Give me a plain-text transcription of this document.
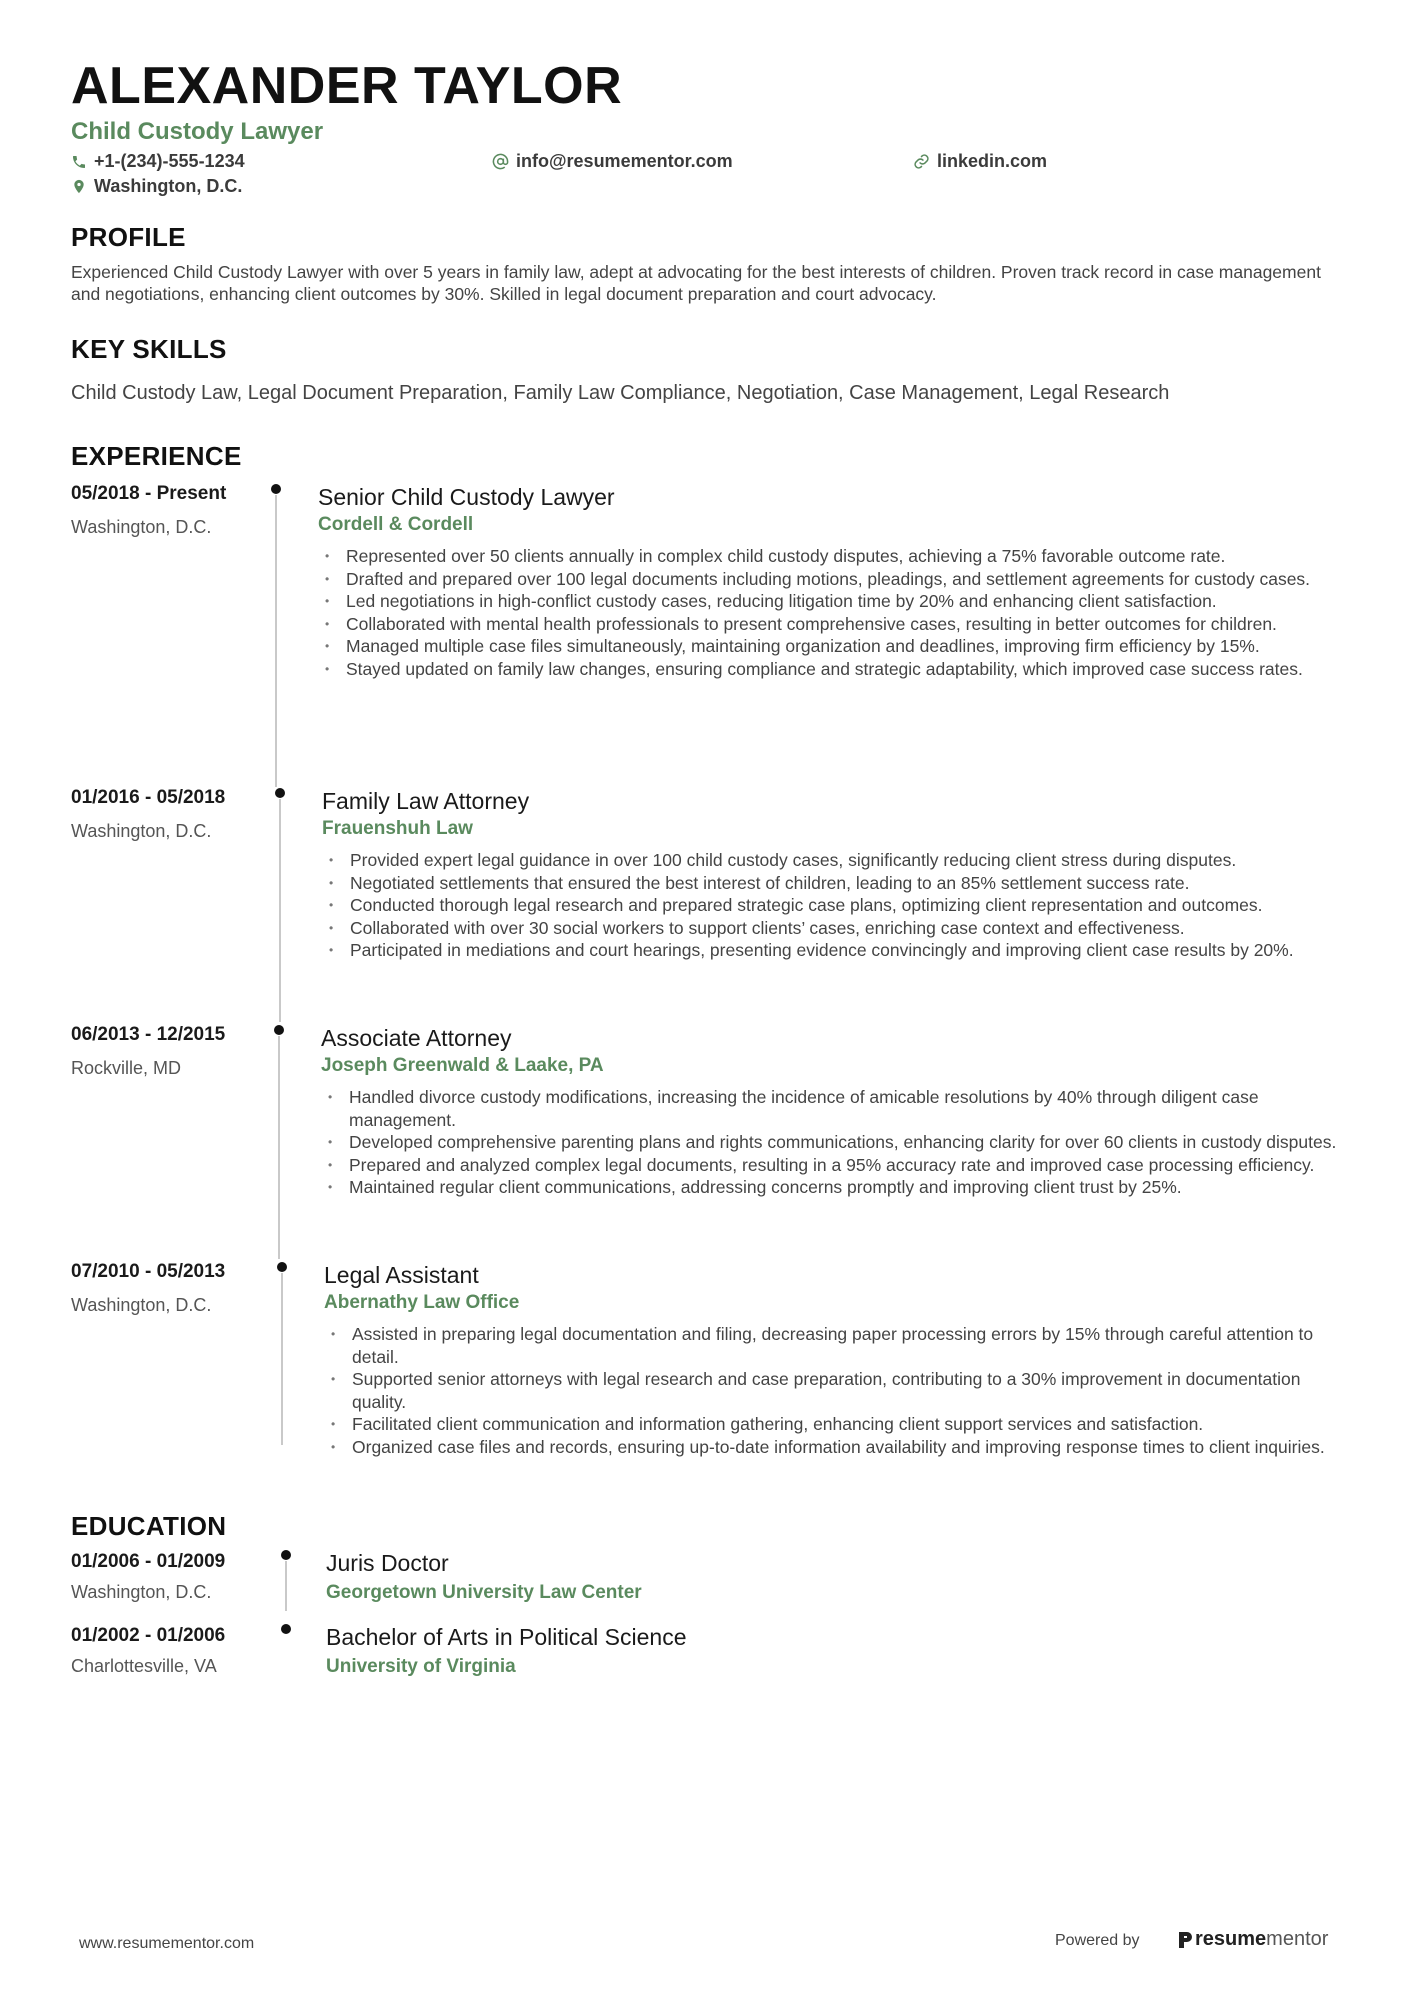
ALEXANDER TAYLOR
Child Custody Lawyer
+1-(234)-555-1234	info@resumementor.com	linkedin.com
Washington, D.C.
PROFILE
Experienced Child Custody Lawyer with over 5 years in family law, adept at advocating for the best interests of children. Proven track record in case management and negotiations, enhancing client outcomes by 30%. Skilled in legal document preparation and court advocacy.
KEY SKILLS
Child Custody Law, Legal Document Preparation, Family Law Compliance, Negotiation, Case Management, Legal Research
EXPERIENCE
05/2018 - Present
Washington, D.C.
Senior Child Custody Lawyer
Cordell & Cordell
• Represented over 50 clients annually in complex child custody disputes, achieving a 75% favorable outcome rate.
• Drafted and prepared over 100 legal documents including motions, pleadings, and settlement agreements for custody cases.
• Led negotiations in high-conflict custody cases, reducing litigation time by 20% and enhancing client satisfaction.
• Collaborated with mental health professionals to present comprehensive cases, resulting in better outcomes for children.
• Managed multiple case files simultaneously, maintaining organization and deadlines, improving firm efficiency by 15%.
• Stayed updated on family law changes, ensuring compliance and strategic adaptability, which improved case success rates.
01/2016 - 05/2018
Washington, D.C.
Family Law Attorney
Frauenshuh Law
• Provided expert legal guidance in over 100 child custody cases, significantly reducing client stress during disputes.
• Negotiated settlements that ensured the best interest of children, leading to an 85% settlement success rate.
• Conducted thorough legal research and prepared strategic case plans, optimizing client representation and outcomes.
• Collaborated with over 30 social workers to support clients’ cases, enriching case context and effectiveness.
• Participated in mediations and court hearings, presenting evidence convincingly and improving client case results by 20%.
06/2013 - 12/2015
Rockville, MD
Associate Attorney
Joseph Greenwald & Laake, PA
• Handled divorce custody modifications, increasing the incidence of amicable resolutions by 40% through diligent case management.
• Developed comprehensive parenting plans and rights communications, enhancing clarity for over 60 clients in custody disputes.
• Prepared and analyzed complex legal documents, resulting in a 95% accuracy rate and improved case processing efficiency.
• Maintained regular client communications, addressing concerns promptly and improving client trust by 25%.
07/2010 - 05/2013
Washington, D.C.
Legal Assistant
Abernathy Law Office
• Assisted in preparing legal documentation and filing, decreasing paper processing errors by 15% through careful attention to detail.
• Supported senior attorneys with legal research and case preparation, contributing to a 30% improvement in documentation quality.
• Facilitated client communication and information gathering, enhancing client support services and satisfaction.
• Organized case files and records, ensuring up-to-date information availability and improving response times to client inquiries.
EDUCATION
01/2006 - 01/2009
Washington, D.C.
Juris Doctor
Georgetown University Law Center
01/2002 - 01/2006
Charlottesville, VA
Bachelor of Arts in Political Science
University of Virginia
www.resumementor.com	Powered by	resume mentor
